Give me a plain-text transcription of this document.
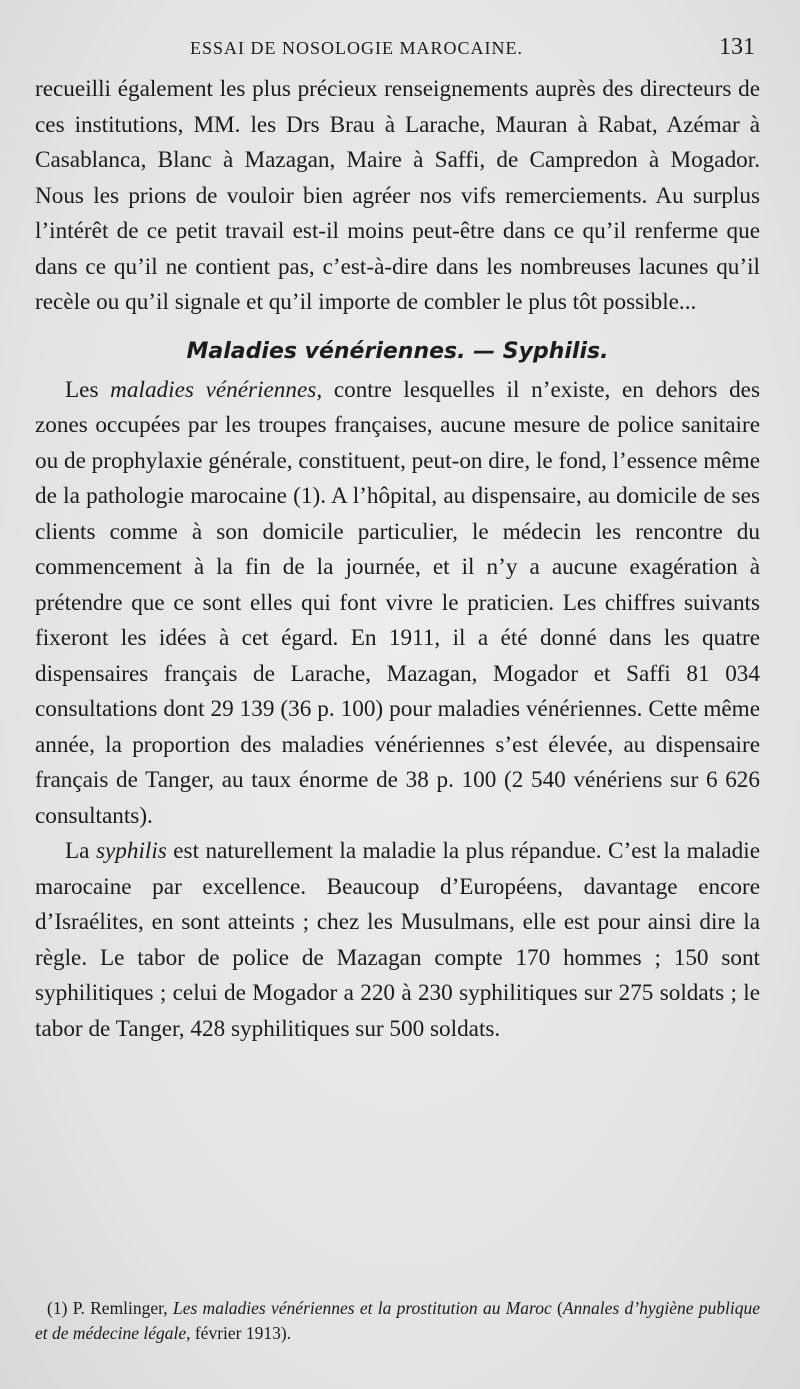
ESSAI DE NOSOLOGIE MAROCAINE.	131

recueilli également les plus précieux renseignements auprès des directeurs de ces institutions, MM. les Drs Brau à Larache, Mauran à Rabat, Azémar à Casablanca, Blanc à Mazagan, Maire à Saffi, de Campredon à Mogador. Nous les prions de vouloir bien agréer nos vifs remerciements. Au surplus l’intérêt de ce petit travail est-il moins peut-être dans ce qu’il renferme que dans ce qu’il ne contient pas, c’est-à-dire dans les nombreuses lacunes qu’il recèle ou qu’il signale et qu’il importe de combler le plus tôt possible...

Maladies vénériennes. — Syphilis.

Les maladies vénériennes, contre lesquelles il n’existe, en dehors des zones occupées par les troupes françaises, aucune mesure de police sanitaire ou de prophylaxie générale, constituent, peut-on dire, le fond, l’essence même de la pathologie marocaine (1). A l’hôpital, au dispensaire, au domicile de ses clients comme à son domicile particulier, le médecin les rencontre du commencement à la fin de la journée, et il n’y a aucune exagération à prétendre que ce sont elles qui font vivre le praticien. Les chiffres suivants fixeront les idées à cet égard. En 1911, il a été donné dans les quatre dispensaires français de Larache, Mazagan, Mogador et Saffi 81 034 consultations dont 29 139 (36 p. 100) pour maladies vénériennes. Cette même année, la proportion des maladies vénériennes s’est élevée, au dispensaire français de Tanger, au taux énorme de 38 p. 100 (2 540 vénériens sur 6 626 consultants).

La syphilis est naturellement la maladie la plus répandue. C’est la maladie marocaine par excellence. Beaucoup d’Européens, davantage encore d’Israélites, en sont atteints ; chez les Musulmans, elle est pour ainsi dire la règle. Le tabor de police de Mazagan compte 170 hommes ; 150 sont syphilitiques ; celui de Mogador a 220 à 230 syphilitiques sur 275 soldats ; le tabor de Tanger, 428 syphilitiques sur 500 soldats.

(1) P. Remlinger, Les maladies vénériennes et la prostitution au Maroc (Annales d’hygiène publique et de médecine légale, février 1913).
